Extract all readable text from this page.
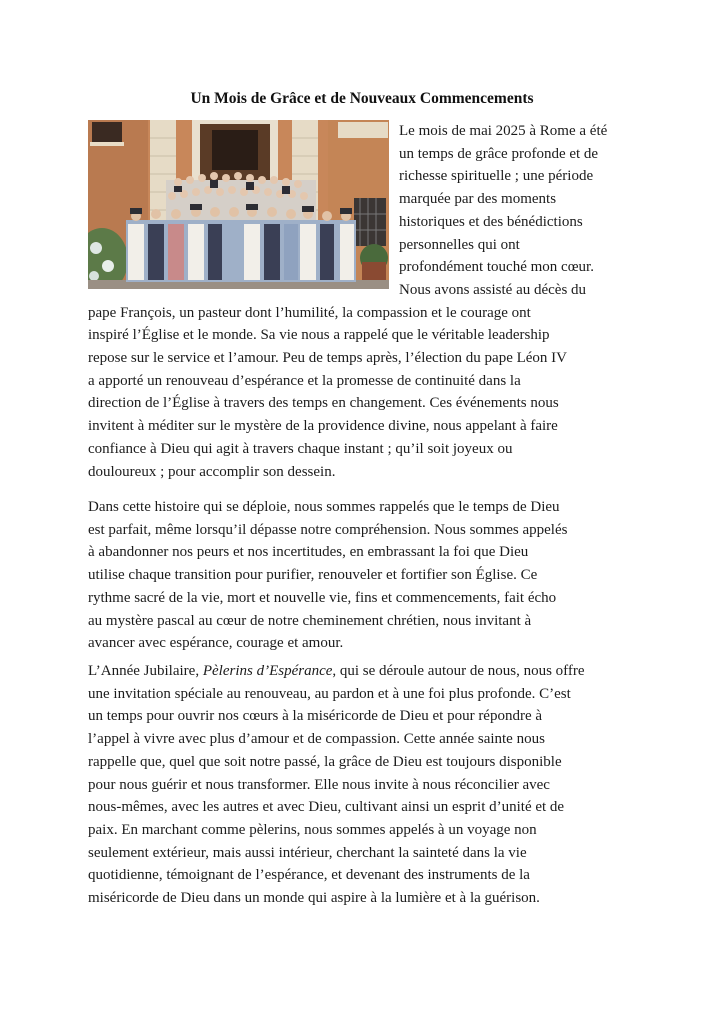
Un Mois de Grâce et de Nouveaux Commencements
Le mois de mai 2025 à Rome a été
un temps de grâce profonde et de
richesse spirituelle ; une période
marquée par des moments
historiques et des bénédictions
personnelles qui ont
profondément touché mon cœur.
Nous avons assisté au décès du
pape François, un pasteur dont l’humilité, la compassion et le courage ont
inspiré l’Église et le monde. Sa vie nous a rappelé que le véritable leadership
repose sur le service et l’amour. Peu de temps après, l’élection du pape Léon IV
a apporté un renouveau d’espérance et la promesse de continuité dans la
direction de l’Église à travers des temps en changement. Ces événements nous
invitent à méditer sur le mystère de la providence divine, nous appelant à faire
confiance à Dieu qui agit à travers chaque instant ; qu’il soit joyeux ou
douloureux ; pour accomplir son dessein.
Dans cette histoire qui se déploie, nous sommes rappelés que le temps de Dieu
est parfait, même lorsqu’il dépasse notre compréhension. Nous sommes appelés
à abandonner nos peurs et nos incertitudes, en embrassant la foi que Dieu
utilise chaque transition pour purifier, renouveler et fortifier son Église. Ce
rythme sacré de la vie, mort et nouvelle vie, fins et commencements, fait écho
au mystère pascal au cœur de notre cheminement chrétien, nous invitant à
avancer avec espérance, courage et amour.
L’Année Jubilaire, Pèlerins d’Espérance, qui se déroule autour de nous, nous offre
une invitation spéciale au renouveau, au pardon et à une foi plus profonde. C’est
un temps pour ouvrir nos cœurs à la miséricorde de Dieu et pour répondre à
l’appel à vivre avec plus d’amour et de compassion. Cette année sainte nous
rappelle que, quel que soit notre passé, la grâce de Dieu est toujours disponible
pour nous guérir et nous transformer. Elle nous invite à nous réconcilier avec
nous-mêmes, avec les autres et avec Dieu, cultivant ainsi un esprit d’unité et de
paix. En marchant comme pèlerins, nous sommes appelés à un voyage non
seulement extérieur, mais aussi intérieur, cherchant la sainteté dans la vie
quotidienne, témoignant de l’espérance, et devenant des instruments de la
miséricorde de Dieu dans un monde qui aspire à la lumière et à la guérison.
